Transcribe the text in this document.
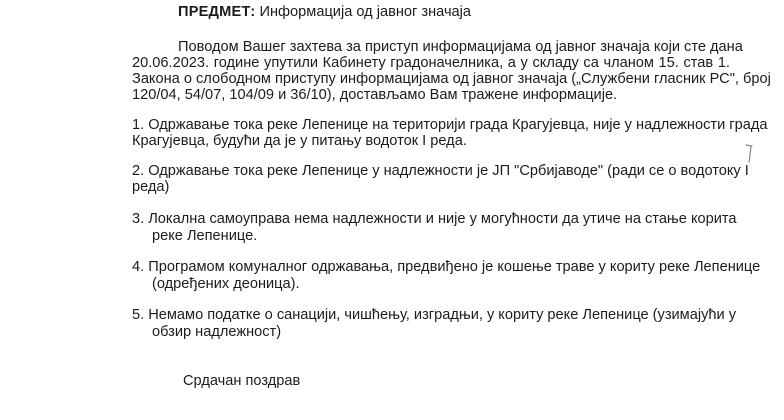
ПРЕДМЕТ: Информација од јавног значаја
Поводом Вашег захтева за приступ информацијама од јавног значаја који сте дана
20.06.2023. године упутили Кабинету градоначелника, а у складу са чланом 15. став 1.
Закона о слободном приступу информацијама од јавног значаја („Службени гласник РС", број
120/04, 54/07, 104/09 и 36/10), достављамо Вам тражене информације.
1. Одржавање тока реке Лепенице на територији града Крагујевца, није у надлежности града
Крагујевца, будући да је у питању водоток I реда.
2. Одржавање тока реке Лепенице у надлежности је ЈП "Србијаводе" (ради се о водотоку I
реда)
3. Локална самоуправа нема надлежности и није у могућности да утиче на стање корита
реке Лепенице.
4. Програмом комуналног одржавања, предвиђено је кошење траве у кориту реке Лепенице
(одређених деоница).
5. Немамо податке о санацији, чишћењу, изградњи, у кориту реке Лепенице (узимајући у
обзир надлежност)
Срдачан поздрав
